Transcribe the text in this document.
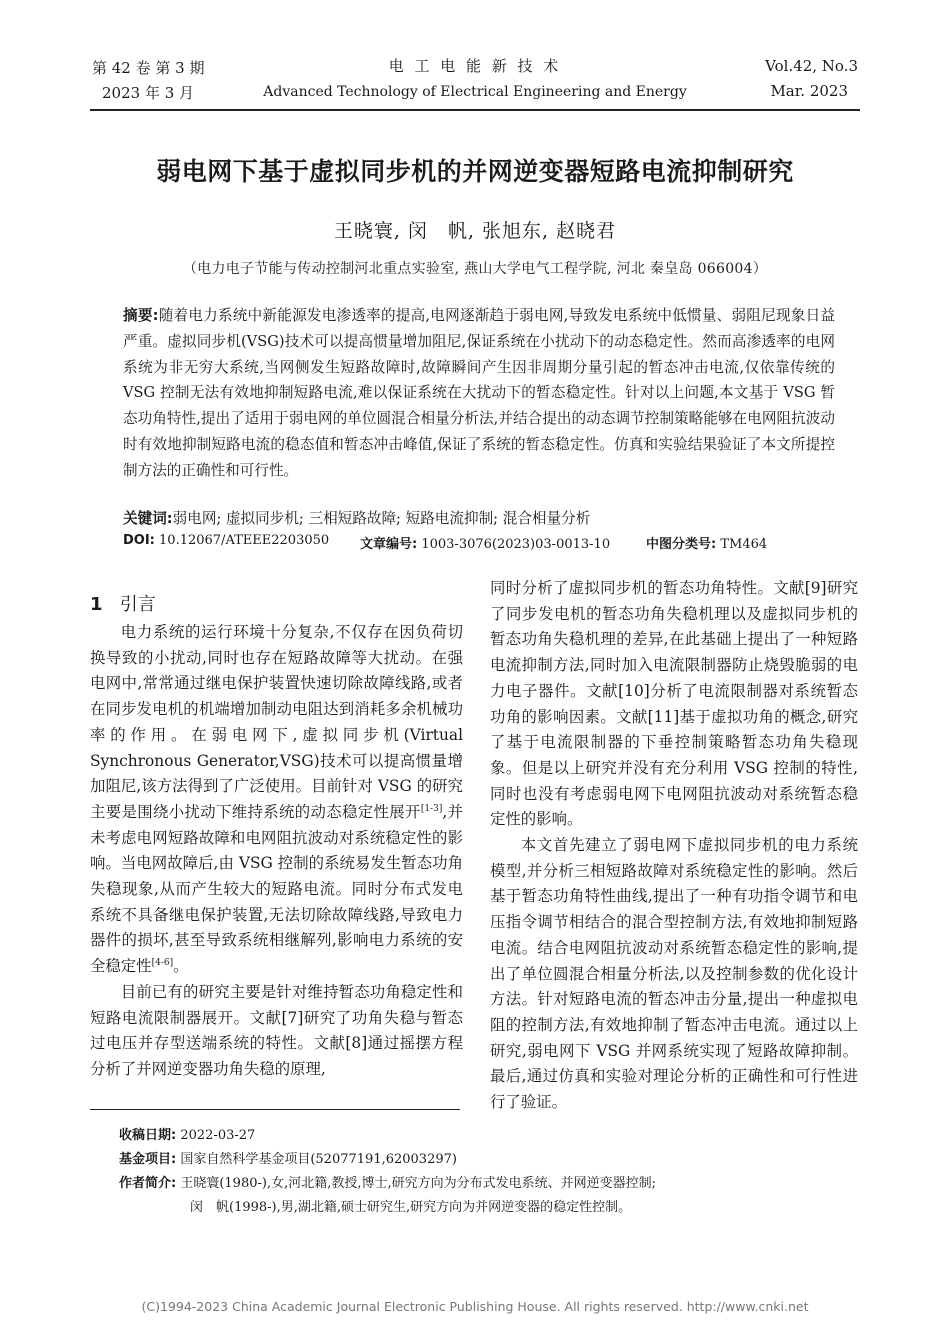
第 42 卷 第 3 期
2023 年 3 月
电 工 电 能 新 技 术
Advanced Technology of Electrical Engineering and Energy
Vol.42, No.3
Mar. 2023
弱电网下基于虚拟同步机的并网逆变器短路电流抑制研究
王晓寰, 闵　帆, 张旭东, 赵晓君
（电力电子节能与传动控制河北重点实验室, 燕山大学电气工程学院, 河北 秦皇岛 066004）
摘要:随着电力系统中新能源发电渗透率的提高,电网逐渐趋于弱电网,导致发电系统中低惯量、弱阻尼现象日益严重。虚拟同步机(VSG)技术可以提高惯量增加阻尼,保证系统在小扰动下的动态稳定性。然而高渗透率的电网系统为非无穷大系统,当网侧发生短路故障时,故障瞬间产生因非周期分量引起的暂态冲击电流,仅依靠传统的 VSG 控制无法有效地抑制短路电流,难以保证系统在大扰动下的暂态稳定性。针对以上问题,本文基于 VSG 暂态功角特性,提出了适用于弱电网的单位圆混合相量分析法,并结合提出的动态调节控制策略能够在电网阻抗波动时有效地抑制短路电流的稳态值和暂态冲击峰值,保证了系统的暂态稳定性。仿真和实验结果验证了本文所提控制方法的正确性和可行性。
关键词:弱电网; 虚拟同步机; 三相短路故障; 短路电流抑制; 混合相量分析
DOI: 10.12067/ATEEE2203050 文章编号: 1003-3076(2023)03-0013-10	中图分类号: TM464
1 引言

电力系统的运行环境十分复杂,不仅存在因负荷切换导致的小扰动,同时也存在短路故障等大扰动。在强电网中,常常通过继电保护装置快速切除故障线路,或者在同步发电机的机端增加制动电阻达到消耗多余机械功率的作用。在弱电网下,虚拟同步机(Virtual Synchronous Generator,VSG)技术可以提高惯量增加阻尼,该方法得到了广泛使用。目前针对 VSG 的研究主要是围绕小扰动下维持系统的动态稳定性展开[1-3],并未考虑电网短路故障和电网阻抗波动对系统稳定性的影响。当电网故障后,由 VSG 控制的系统易发生暂态功角失稳现象,从而产生较大的短路电流。同时分布式发电系统不具备继电保护装置,无法切除故障线路,导致电力器件的损坏,甚至导致系统相继解列,影响电力系统的安全稳定性[4-6]。

目前已有的研究主要是针对维持暂态功角稳定性和短路电流限制器展开。文献[7]研究了功角失稳与暂态过电压并存型送端系统的特性。文献[8]通过摇摆方程分析了并网逆变器功角失稳的原理,

同时分析了虚拟同步机的暂态功角特性。文献[9]研究了同步发电机的暂态功角失稳机理以及虚拟同步机的暂态功角失稳机理的差异,在此基础上提出了一种短路电流抑制方法,同时加入电流限制器防止烧毁脆弱的电力电子器件。文献[10]分析了电流限制器对系统暂态功角的影响因素。文献[11]基于虚拟功角的概念,研究了基于电流限制器的下垂控制策略暂态功角失稳现象。但是以上研究并没有充分利用 VSG 控制的特性,同时也没有考虑弱电网下电网阻抗波动对系统暂态稳定性的影响。

本文首先建立了弱电网下虚拟同步机的电力系统模型,并分析三相短路故障对系统稳定性的影响。然后基于暂态功角特性曲线,提出了一种有功指令调节和电压指令调节相结合的混合型控制方法,有效地抑制短路电流。结合电网阻抗波动对系统暂态稳定性的影响,提出了单位圆混合相量分析法,以及控制参数的优化设计方法。针对短路电流的暂态冲击分量,提出一种虚拟电阻的控制方法,有效地抑制了暂态冲击电流。通过以上研究,弱电网下 VSG 并网系统实现了短路故障抑制。最后,通过仿真和实验对理论分析的正确性和可行性进行了验证。

收稿日期: 2022-03-27
基金项目: 国家自然科学基金项目(52077191,62003297)
作者简介: 王晓寰(1980-),女,河北籍,教授,博士,研究方向为分布式发电系统、并网逆变器控制;
闵　帆(1998-),男,湖北籍,硕士研究生,研究方向为并网逆变器的稳定性控制。
(C)1994-2023 China Academic Journal Electronic Publishing House. All rights reserved. http://www.cnki.net
